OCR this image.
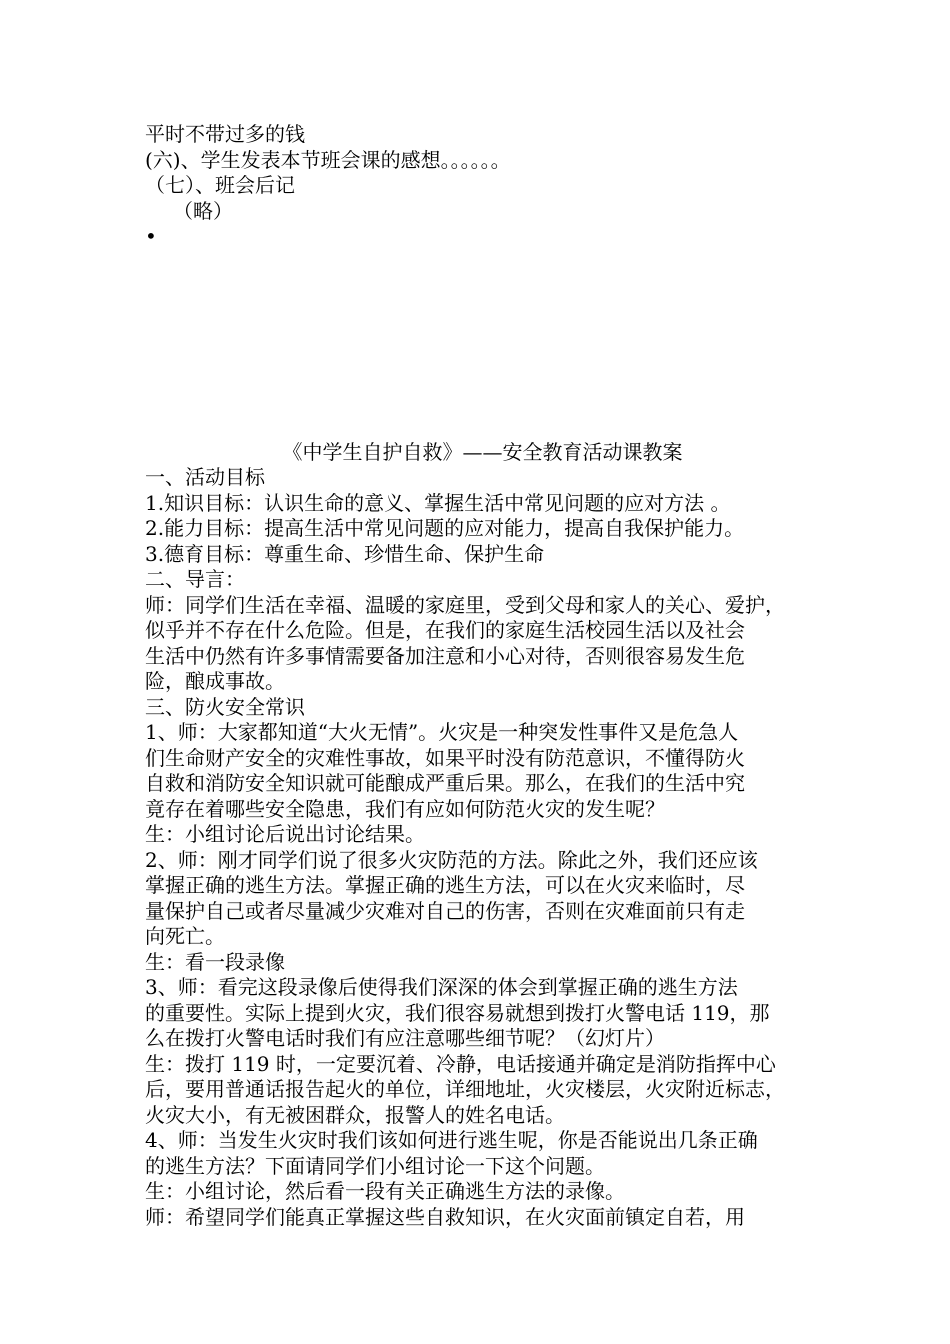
平时不带过多的钱
(六)、学生发表本节班会课的感想。。。。。。
（七）、班会后记
（略）
•
《中学生自护自救》——安全教育活动课教案
一、活动目标
1.知识目标：认识生命的意义、掌握生活中常见问题的应对方法 。
2.能力目标：提高生活中常见问题的应对能力，提高自我保护能力。
3.德育目标：尊重生命、珍惜生命、保护生命
二、导言：
师：同学们生活在幸福、温暖的家庭里，受到父母和家人的关心、爱护，
似乎并不存在什么危险。但是，在我们的家庭生活校园生活以及社会
生活中仍然有许多事情需要备加注意和小心对待，否则很容易发生危
险，酿成事故。
三、防火安全常识
1、师：大家都知道“大火无情”。火灾是一种突发性事件又是危急人
们生命财产安全的灾难性事故，如果平时没有防范意识，不懂得防火
自救和消防安全知识就可能酿成严重后果。那么，在我们的生活中究
竟存在着哪些安全隐患，我们有应如何防范火灾的发生呢？
生：小组讨论后说出讨论结果。
2、师：刚才同学们说了很多火灾防范的方法。除此之外，我们还应该
掌握正确的逃生方法。掌握正确的逃生方法，可以在火灾来临时，尽
量保护自己或者尽量减少灾难对自己的伤害，否则在灾难面前只有走
向死亡。
生：看一段录像
3、师：看完这段录像后使得我们深深的体会到掌握正确的逃生方法
的重要性。实际上提到火灾，我们很容易就想到拨打火警电话 119，那
么在拨打火警电话时我们有应注意哪些细节呢？（幻灯片）
生：拨打 119 时，一定要沉着、冷静，电话接通并确定是消防指挥中心
后，要用普通话报告起火的单位，详细地址，火灾楼层，火灾附近标志，
火灾大小，有无被困群众，报警人的姓名电话。
4、师：当发生火灾时我们该如何进行逃生呢，你是否能说出几条正确
的逃生方法？下面请同学们小组讨论一下这个问题。
生：小组讨论，然后看一段有关正确逃生方法的录像。
师：希望同学们能真正掌握这些自救知识，在火灾面前镇定自若，用
